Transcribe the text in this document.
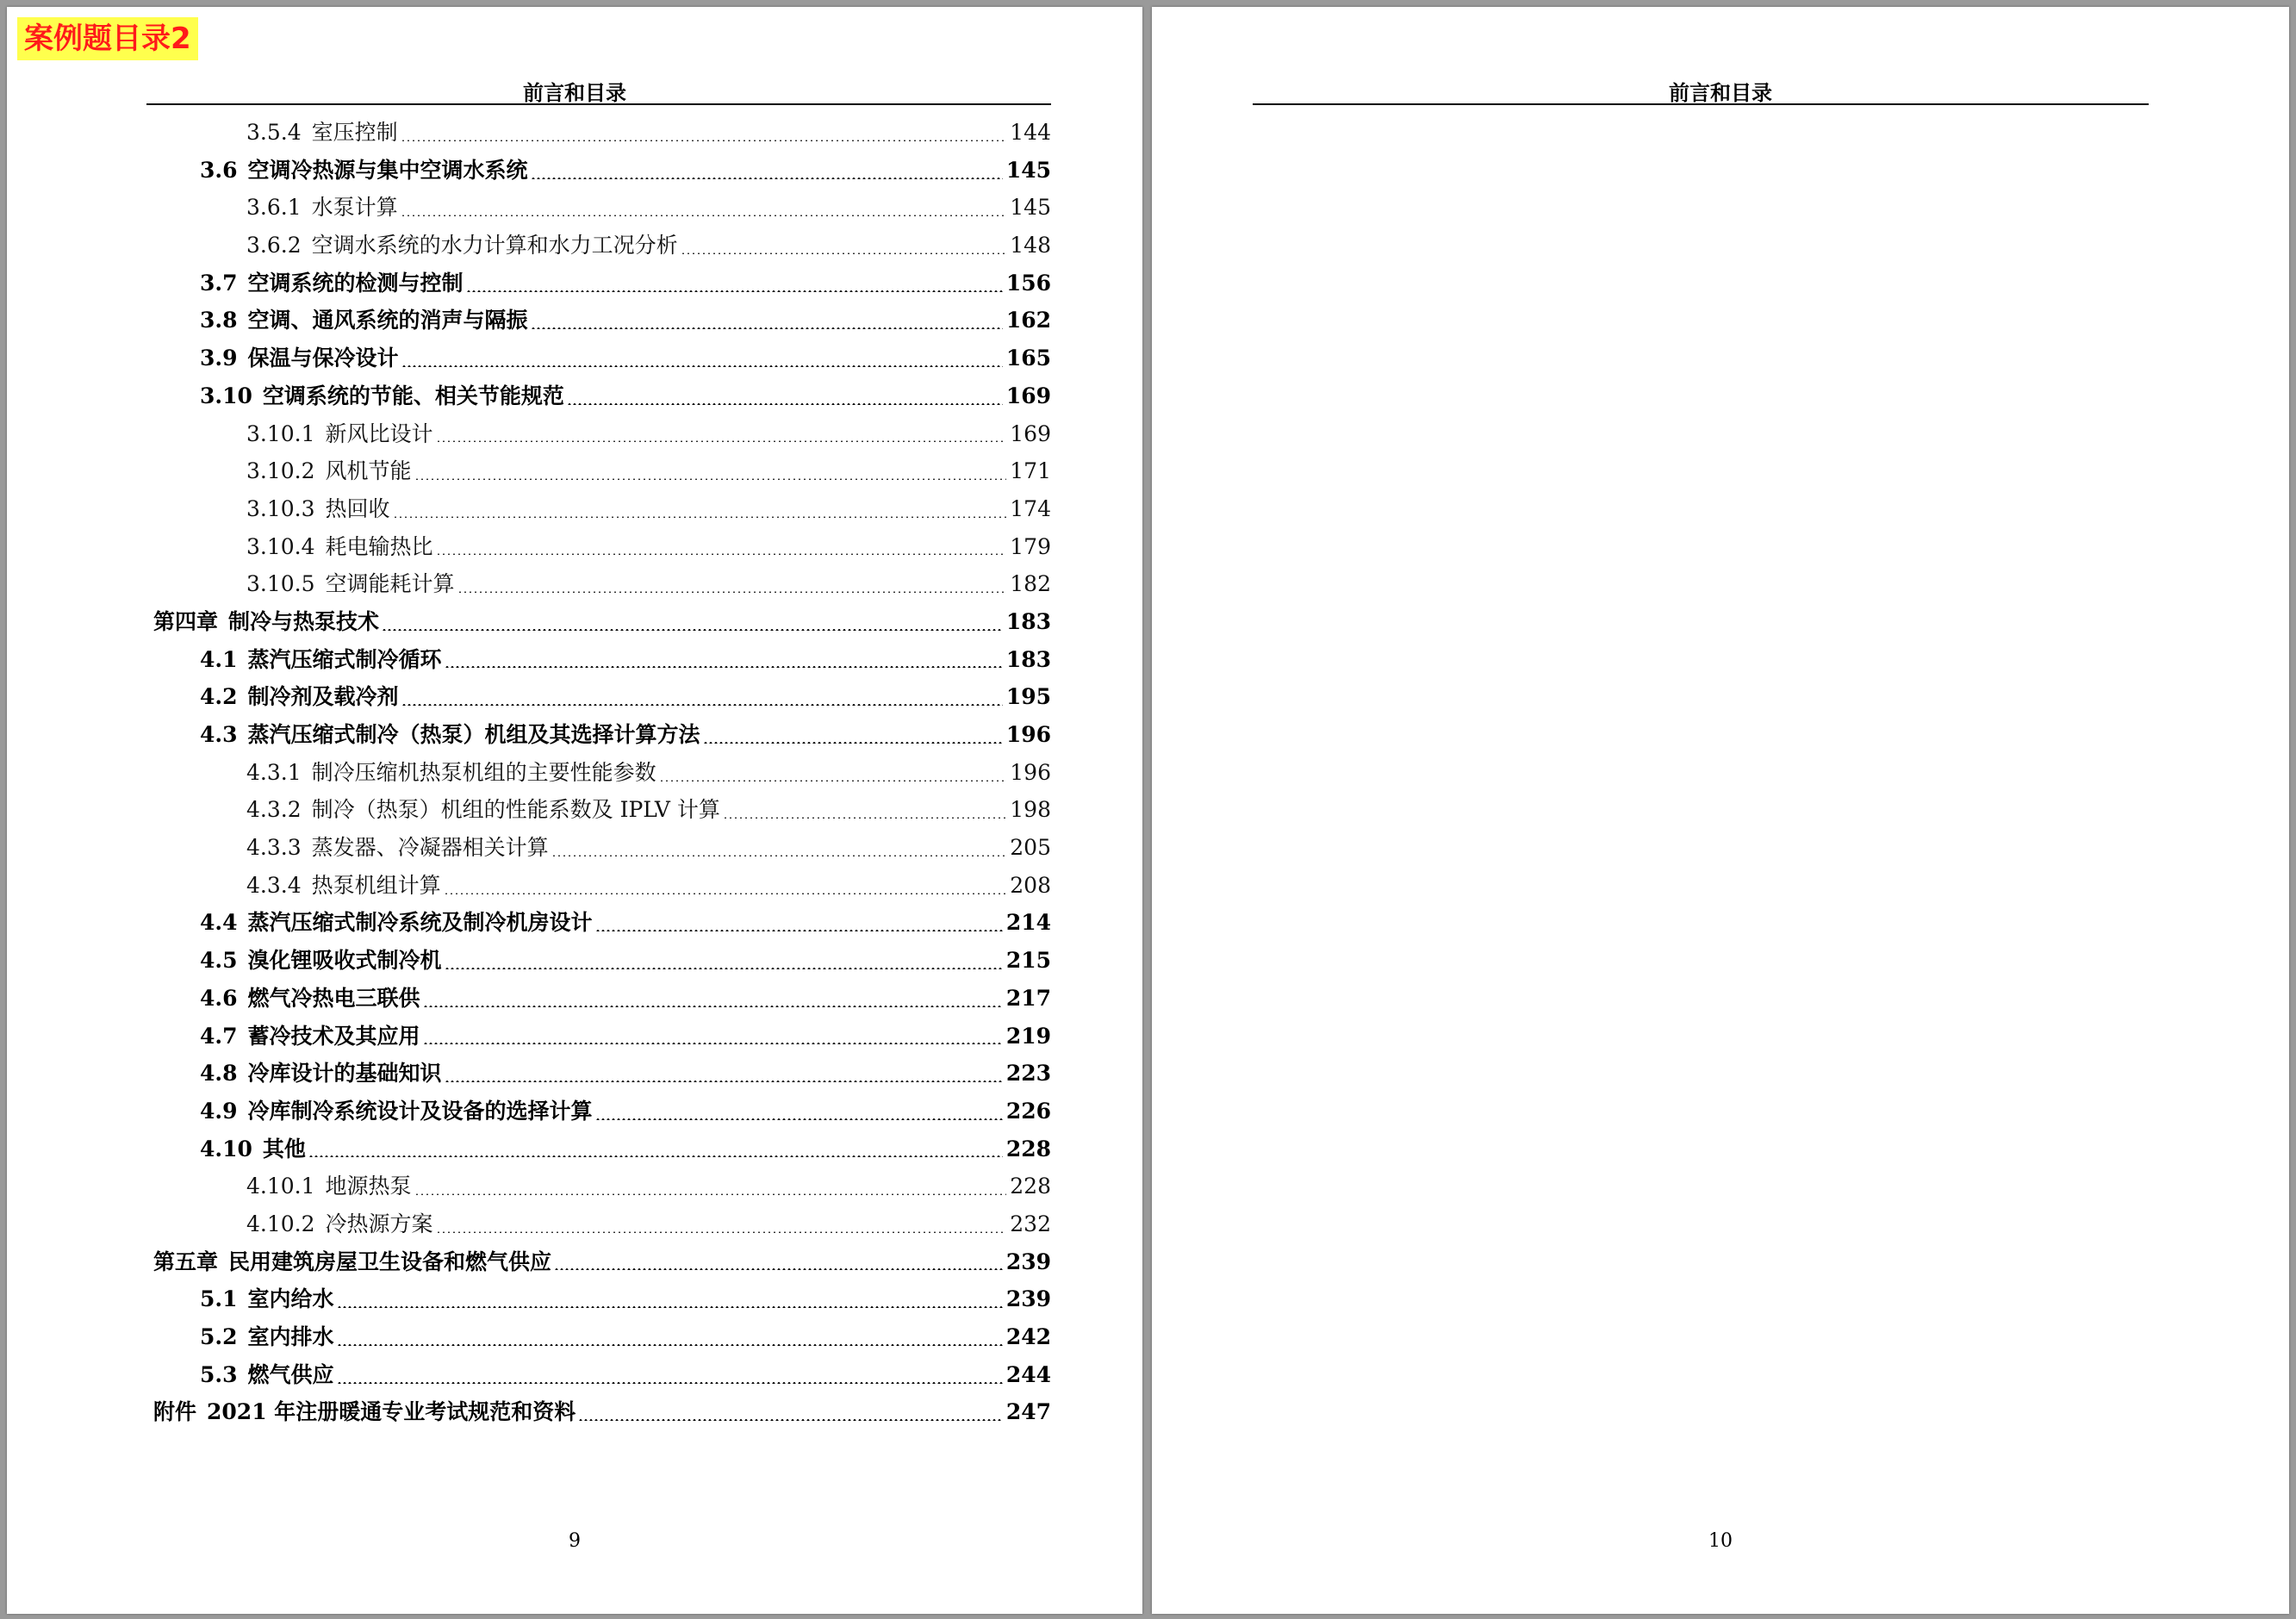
案例题目录2
前言和目录
3.5.4 室压控制	144
3.6 空调冷热源与集中空调水系统	145
3.6.1 水泵计算	145
3.6.2 空调水系统的水力计算和水力工况分析	148
3.7 空调系统的检测与控制	156
3.8 空调、通风系统的消声与隔振	162
3.9 保温与保冷设计	165
3.10 空调系统的节能、相关节能规范	169
3.10.1 新风比设计	169
3.10.2 风机节能	171
3.10.3 热回收	174
3.10.4 耗电输热比	179
3.10.5 空调能耗计算	182
第四章 制冷与热泵技术	183
4.1 蒸汽压缩式制冷循环	183
4.2 制冷剂及载冷剂	195
4.3 蒸汽压缩式制冷（热泵）机组及其选择计算方法	196
4.3.1 制冷压缩机热泵机组的主要性能参数	196
4.3.2 制冷（热泵）机组的性能系数及 IPLV 计算	198
4.3.3 蒸发器、冷凝器相关计算	205
4.3.4 热泵机组计算	208
4.4 蒸汽压缩式制冷系统及制冷机房设计	214
4.5 溴化锂吸收式制冷机	215
4.6 燃气冷热电三联供	217
4.7 蓄冷技术及其应用	219
4.8 冷库设计的基础知识	223
4.9 冷库制冷系统设计及设备的选择计算	226
4.10 其他	228
4.10.1 地源热泵	228
4.10.2 冷热源方案	232
第五章 民用建筑房屋卫生设备和燃气供应	239
5.1 室内给水	239
5.2 室内排水	242
5.3 燃气供应	244
附件 2021 年注册暖通专业考试规范和资料	247
9
前言和目录
10
